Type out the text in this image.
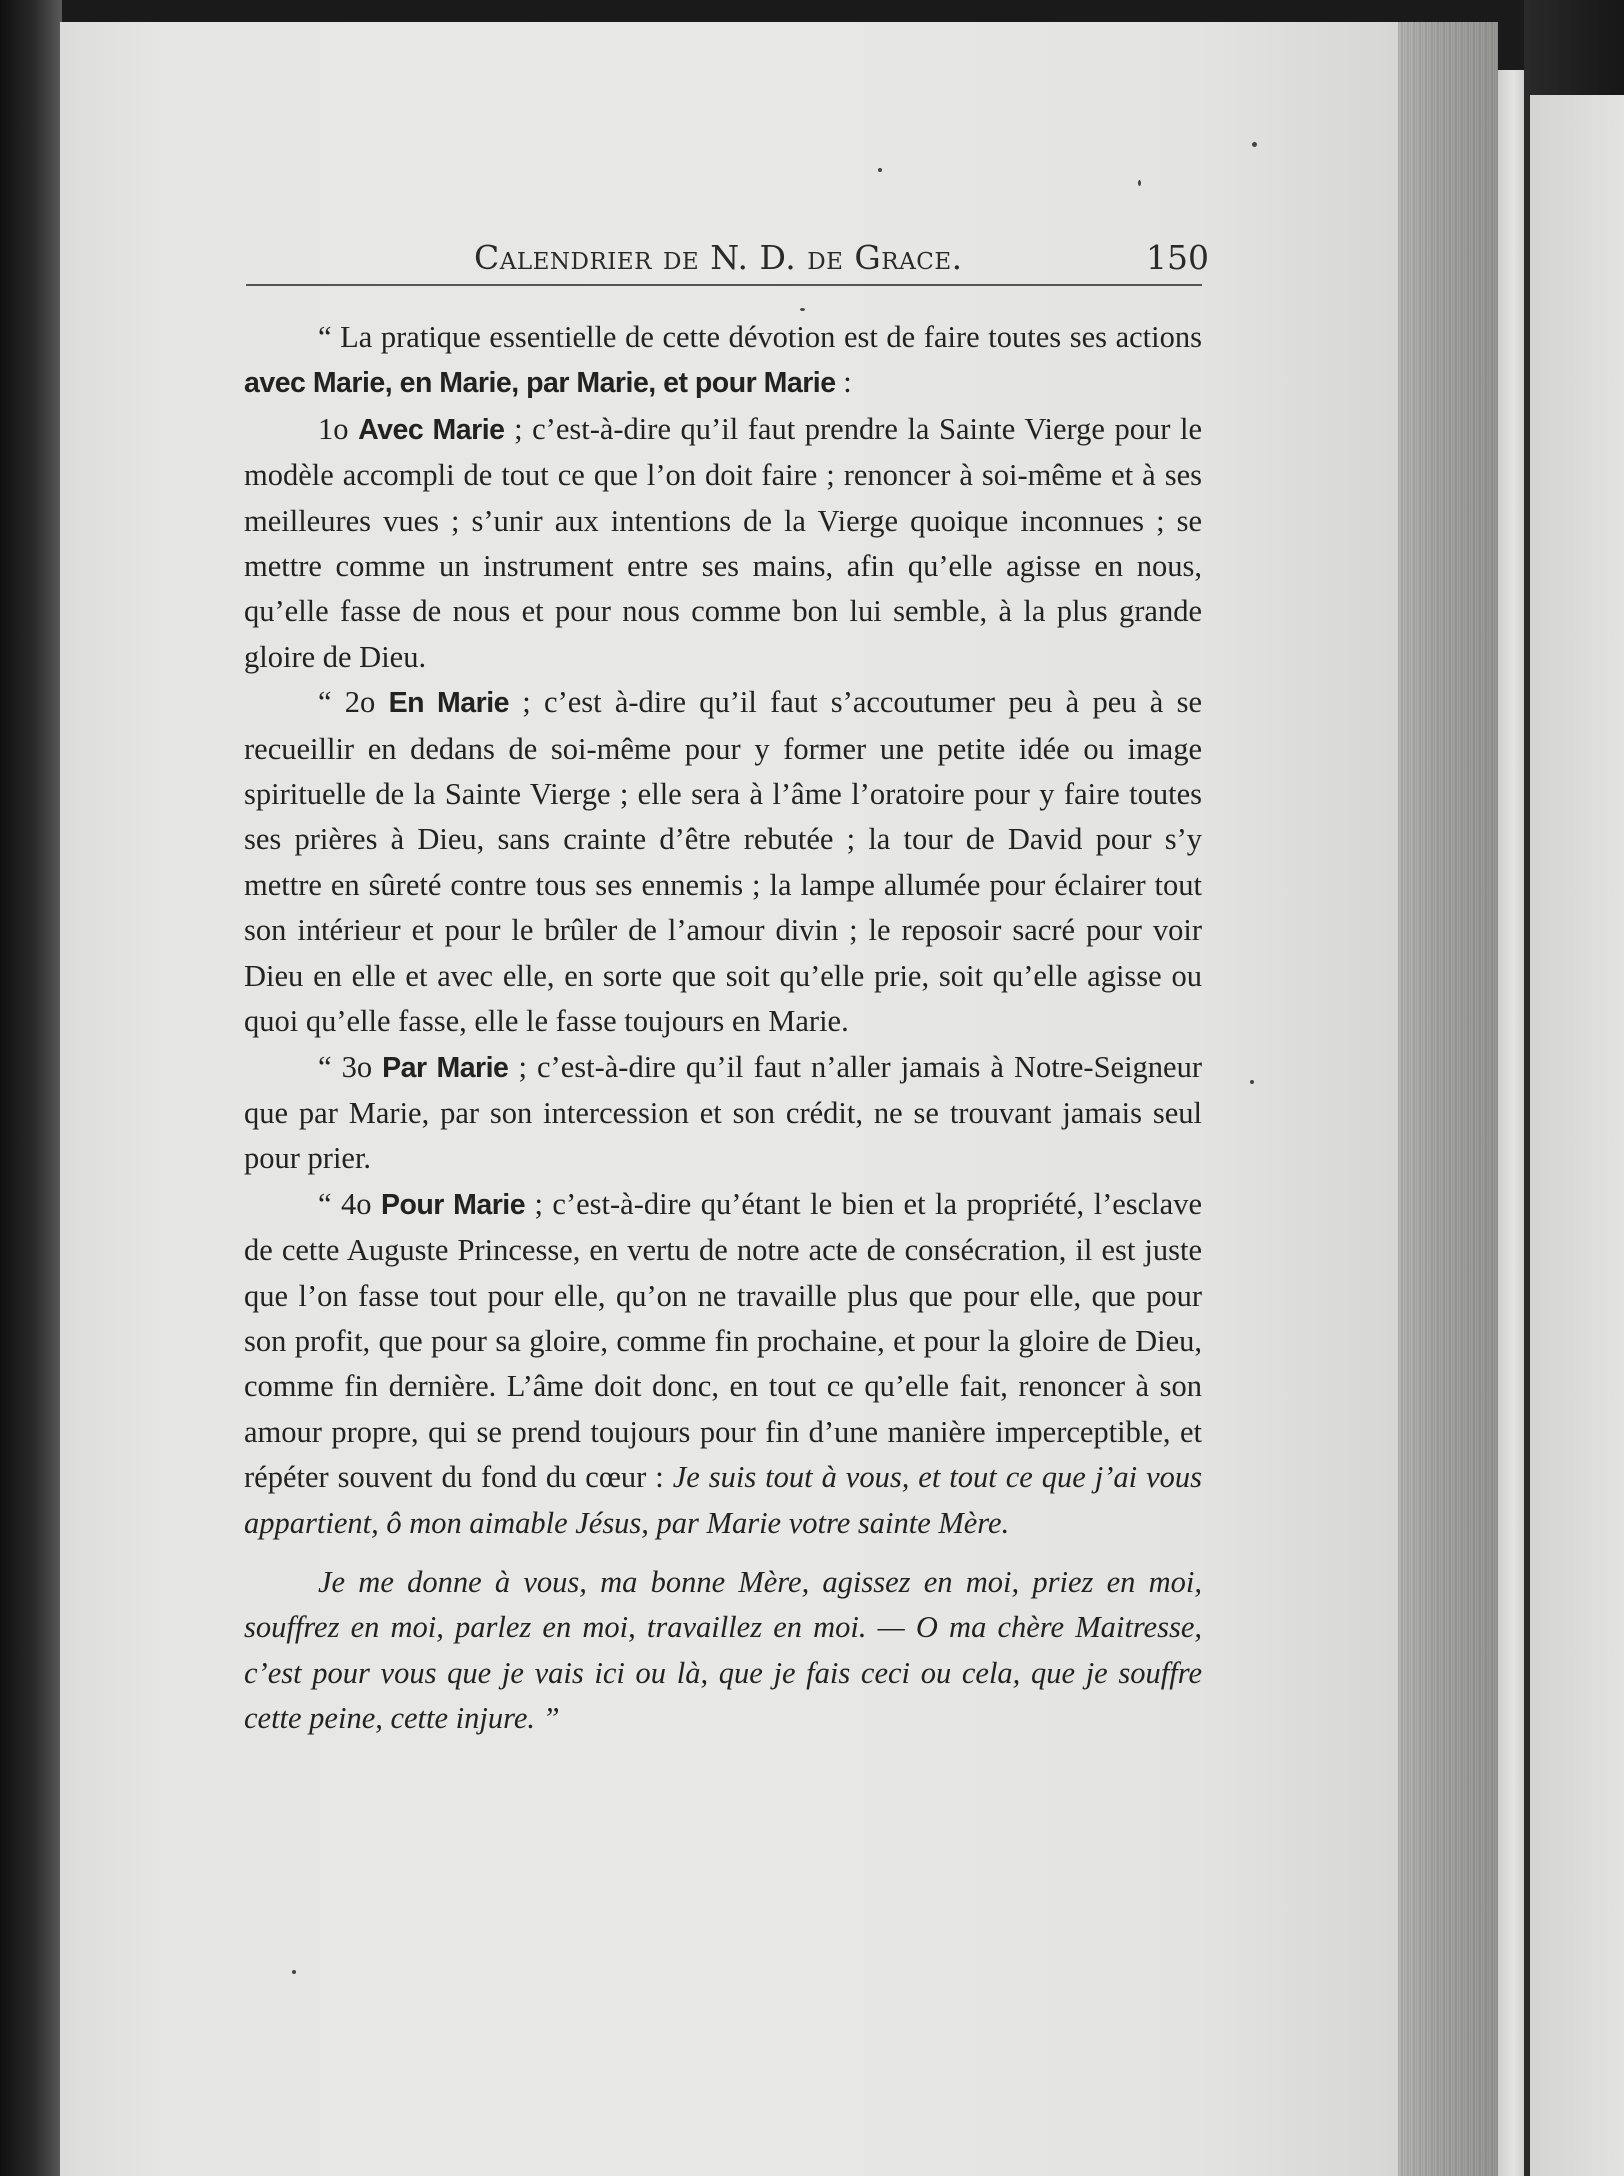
Calendrier de N. D. de Grace.	150

“ La pratique essentielle de cette dévotion est de faire toutes ses actions avec Marie, en Marie, par Marie, et pour Marie :

1o Avec Marie ; c’est-à-dire qu’il faut prendre la Sainte Vierge pour le modèle accompli de tout ce que l’on doit faire ; renoncer à soi-même et à ses meilleures vues ; s’unir aux intentions de la Vierge quoique inconnues ; se mettre comme un instrument entre ses mains, afin qu’elle agisse en nous, qu’elle fasse de nous et pour nous comme bon lui semble, à la plus grande gloire de Dieu.

“ 2o En Marie ; c’est à-dire qu’il faut s’accoutumer peu à peu à se recueillir en dedans de soi-même pour y former une petite idée ou image spirituelle de la Sainte Vierge ; elle sera à l’âme l’oratoire pour y faire toutes ses prières à Dieu, sans crainte d’être rebutée ; la tour de David pour s’y mettre en sûreté contre tous ses ennemis ; la lampe allumée pour éclairer tout son intérieur et pour le brûler de l’amour divin ; le reposoir sacré pour voir Dieu en elle et avec elle, en sorte que soit qu’elle prie, soit qu’elle agisse ou quoi qu’elle fasse, elle le fasse toujours en Marie.

“ 3o Par Marie ; c’est-à-dire qu’il faut n’aller jamais à Notre-Seigneur que par Marie, par son intercession et son crédit, ne se trouvant jamais seul pour prier.

“ 4o Pour Marie ; c’est-à-dire qu’étant le bien et la propriété, l’esclave de cette Auguste Princesse, en vertu de notre acte de consécration, il est juste que l’on fasse tout pour elle, qu’on ne travaille plus que pour elle, que pour son profit, que pour sa gloire, comme fin prochaine, et pour la gloire de Dieu, comme fin dernière. L’âme doit donc, en tout ce qu’elle fait, renoncer à son amour propre, qui se prend toujours pour fin d’une manière imperceptible, et répéter souvent du fond du cœur : Je suis tout à vous, et tout ce que j’ai vous appartient, ô mon aimable Jésus, par Marie votre sainte Mère.

Je me donne à vous, ma bonne Mère, agissez en moi, priez en moi, souffrez en moi, parlez en moi, travaillez en moi. — O ma chère Maitresse, c’est pour vous que je vais ici ou là, que je fais ceci ou cela, que je souffre cette peine, cette injure. ”
